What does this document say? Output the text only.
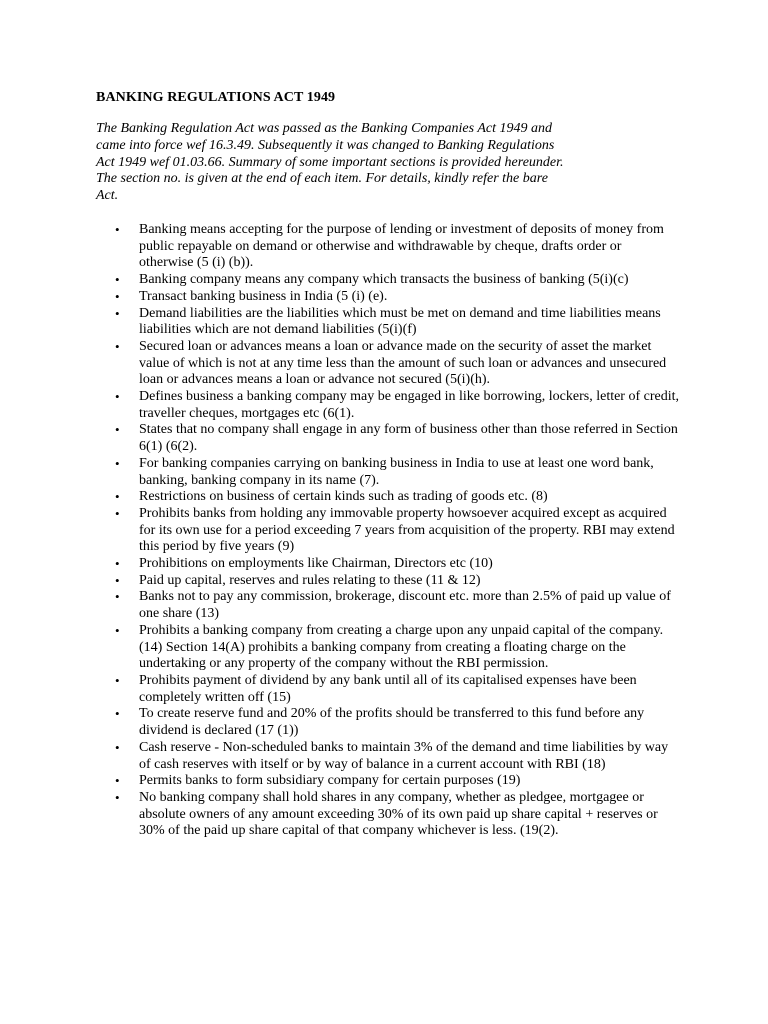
BANKING REGULATIONS ACT 1949

The Banking Regulation Act was passed as the Banking Companies Act 1949 and came into force wef 16.3.49. Subsequently it was changed to Banking Regulations Act 1949 wef 01.03.66. Summary of some important sections is provided hereunder. The section no. is given at the end of each item. For details, kindly refer the bare Act.

• Banking means accepting for the purpose of lending or investment of deposits of money from public repayable on demand or otherwise and withdrawable by cheque, drafts order or otherwise (5 (i) (b)).
• Banking company means any company which transacts the business of banking (5(i)(c)
• Transact banking business in India (5 (i) (e).
• Demand liabilities are the liabilities which must be met on demand and time liabilities means liabilities which are not demand liabilities (5(i)(f)
• Secured loan or advances means a loan or advance made on the security of asset the market value of which is not at any time less than the amount of such loan or advances and unsecured loan or advances means a loan or advance not secured (5(i)(h).
• Defines business a banking company may be engaged in like borrowing, lockers, letter of credit, traveller cheques, mortgages etc (6(1).
• States that no company shall engage in any form of business other than those referred in Section 6(1) (6(2).
• For banking companies carrying on banking business in India to use at least one word bank, banking, banking company in its name (7).
• Restrictions on business of certain kinds such as trading of goods etc. (8)
• Prohibits banks from holding any immovable property howsoever acquired except as acquired for its own use for a period exceeding 7 years from acquisition of the property. RBI may extend this period by five years (9)
• Prohibitions on employments like Chairman, Directors etc (10)
• Paid up capital, reserves and rules relating to these (11 & 12)
• Banks not to pay any commission, brokerage, discount etc. more than 2.5% of paid up value of one share (13)
• Prohibits a banking company from creating a charge upon any unpaid capital of the company. (14) Section 14(A) prohibits a banking company from creating a floating charge on the undertaking or any property of the company without the RBI permission.
• Prohibits payment of dividend by any bank until all of its capitalised expenses have been completely written off (15)
• To create reserve fund and 20% of the profits should be transferred to this fund before any dividend is declared (17 (1))
• Cash reserve - Non-scheduled banks to maintain 3% of the demand and time liabilities by way of cash reserves with itself or by way of balance in a current account with RBI (18)
• Permits banks to form subsidiary company for certain purposes (19)
• No banking company shall hold shares in any company, whether as pledgee, mortgagee or absolute owners of any amount exceeding 30% of its own paid up share capital + reserves or 30% of the paid up share capital of that company whichever is less. (19(2).
